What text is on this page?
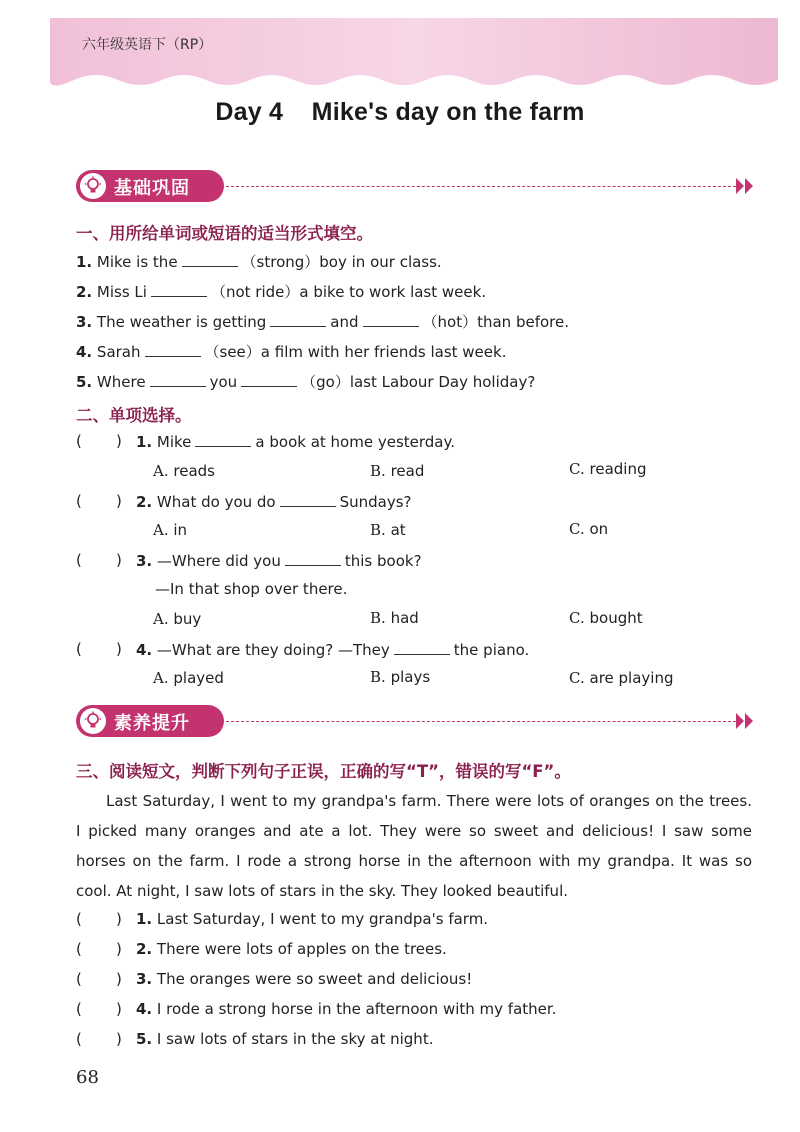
六年级英语下（RP）
Day 4    Mike's day on the farm
基础巩固
一、用所给单词或短语的适当形式填空。
1. Mike is the	（strong）boy in our class.
2. Miss Li	（not ride）a bike to work last week.
3. The weather is getting	and	（hot）than before.
4. Sarah	（see）a film with her friends last week.
5. Where	you	（go）last Labour Day holiday?
二、单项选择。
( ) 1. Mike	a book at home yesterday.
A. reads	B. read	C. reading
( ) 2. What do you do	Sundays?
A. in	B. at	C. on
( ) 3. —Where did you	this book?
—In that shop over there.
A. buy	B. had	C. bought
( ) 4. —What are they doing? —They	the piano.
A. played	B. plays	C. are playing
素养提升
三、阅读短文，判断下列句子正误，正确的写“T”，错误的写“F”。

Last Saturday, I went to my grandpa's farm. There were lots of oranges on the trees. I picked many oranges and ate a lot. They were so sweet and delicious! I saw some horses on the farm. I rode a strong horse in the afternoon with my grandpa. It was so cool. At night, I saw lots of stars in the sky. They looked beautiful.

( ) 1. Last Saturday, I went to my grandpa's farm.
( ) 2. There were lots of apples on the trees.
( ) 3. The oranges were so sweet and delicious!
( ) 4. I rode a strong horse in the afternoon with my father.
( ) 5. I saw lots of stars in the sky at night.
68
